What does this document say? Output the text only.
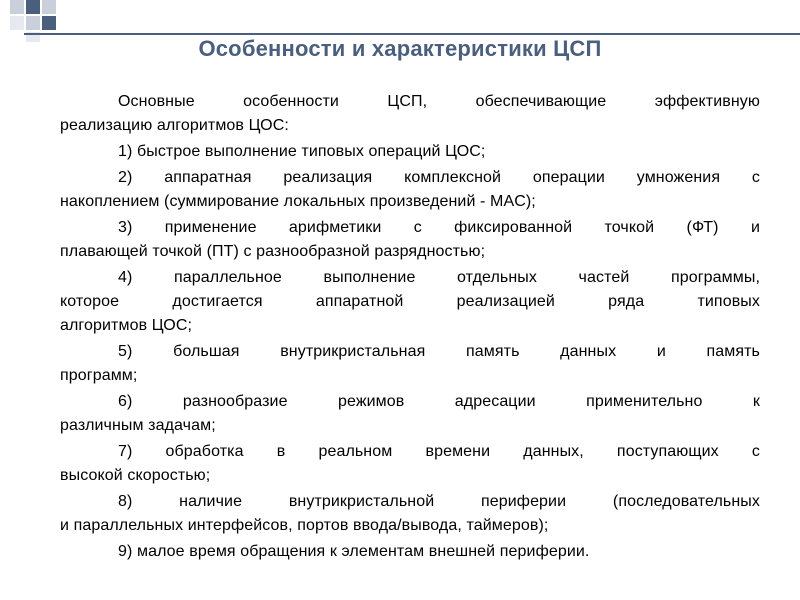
Особенности и характеристики ЦСП

Основные особенности ЦСП, обеспечивающие эффективную
реализацию алгоритмов ЦОС:

1) быстрое выполнение типовых операций ЦОС;

2) аппаратная реализация комплексной операции умножения с
накоплением (суммирование локальных произведений - MAC);

3) применение арифметики с фиксированной точкой (ФТ) и
плавающей точкой (ПТ) с разнообразной разрядностью;

4) параллельное выполнение отдельных частей программы,
которое достигается аппаратной реализацией ряда типовых
алгоритмов ЦОС;

5) большая внутрикристальная память данных и память
программ;

6) разнообразие режимов адресации применительно к
различным задачам;

7) обработка в реальном времени данных, поступающих с
высокой скоростью;

8) наличие внутрикристальной периферии (последовательных
и параллельных интерфейсов, портов ввода/вывода, таймеров);

9) малое время обращения к элементам внешней периферии.
